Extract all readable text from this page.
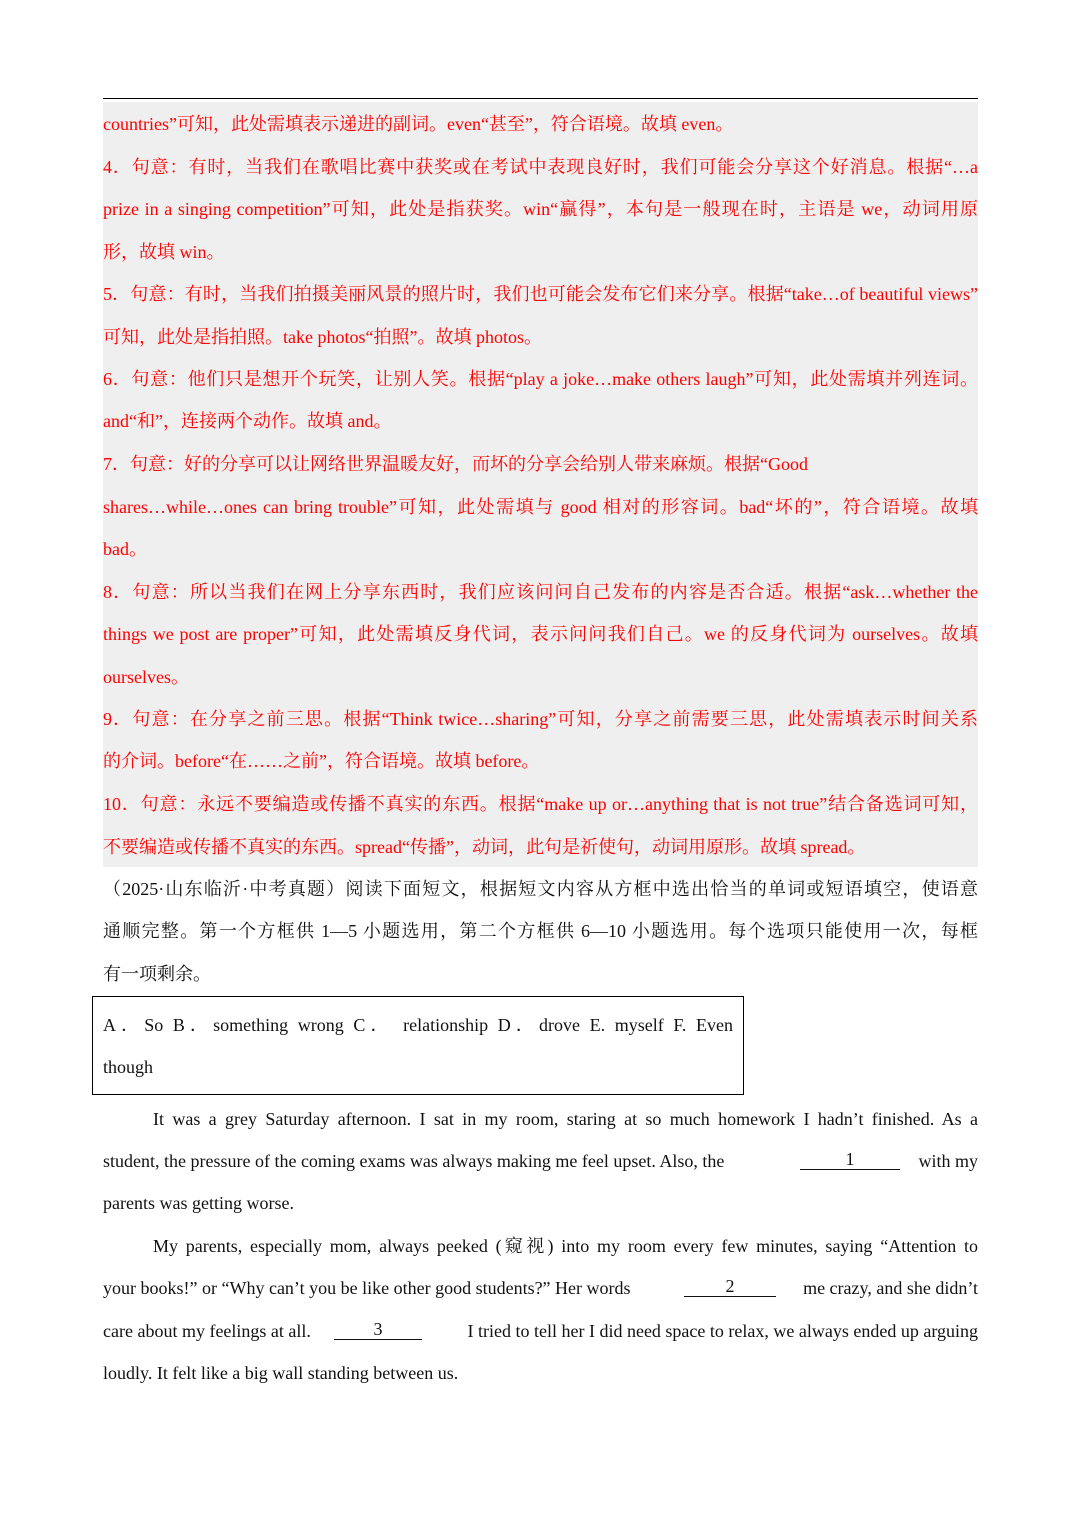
countries”可知，此处需填表示递进的副词。even“甚至”，符合语境。故填 even。
4．句意：有时，当我们在歌唱比赛中获奖或在考试中表现良好时，我们可能会分享这个好消息。根据“…a
prize in a singing competition”可知，此处是指获奖。win“赢得”，本句是一般现在时，主语是 we，动词用原
形，故填 win。
5．句意：有时，当我们拍摄美丽风景的照片时，我们也可能会发布它们来分享。根据“take…of beautiful views”
可知，此处是指拍照。take photos“拍照”。故填 photos。
6．句意：他们只是想开个玩笑，让别人笑。根据“play a joke…make others laugh”可知，此处需填并列连词。
and“和”，连接两个动作。故填 and。
7．句意：好的分享可以让网络世界温暖友好，而坏的分享会给别人带来麻烦。根据“Good
shares…while…ones can bring trouble”可知，此处需填与 good 相对的形容词。bad“坏的”，符合语境。故填
bad。
8．句意：所以当我们在网上分享东西时，我们应该问问自己发布的内容是否合适。根据“ask…whether the
things we post are proper”可知，此处需填反身代词，表示问问我们自己。we 的反身代词为 ourselves。故填
ourselves。
9．句意：在分享之前三思。根据“Think twice…sharing”可知，分享之前需要三思，此处需填表示时间关系
的介词。before“在……之前”，符合语境。故填 before。
10．句意：永远不要编造或传播不真实的东西。根据“make up or…anything that is not true”结合备选词可知，
不要编造或传播不真实的东西。spread“传播”，动词，此句是祈使句，动词用原形。故填 spread。
（2025·山东临沂·中考真题）阅读下面短文，根据短文内容从方框中选出恰当的单词或短语填空，使语意
通顺完整。第一个方框供 1—5 小题选用，第二个方框供 6—10 小题选用。每个选项只能使用一次，每框
有一项剩余。
A．So B．something wrong C． relationship D．drove E. myself F. Even
though
It was a grey Saturday afternoon. I sat in my room, staring at so much homework I hadn’t finished. As a
student, the pressure of the coming exams was always making me feel upset. Also, the	1	with my
parents was getting worse.
My parents, especially mom, always peeked (窥视) into my room every few minutes, saying “Attention to
your books!” or “Why can’t you be like other good students?” Her words	2	me crazy, and she didn’t
care about my feelings at all.	3	I tried to tell her I did need space to relax, we always ended up arguing
loudly. It felt like a big wall standing between us.
